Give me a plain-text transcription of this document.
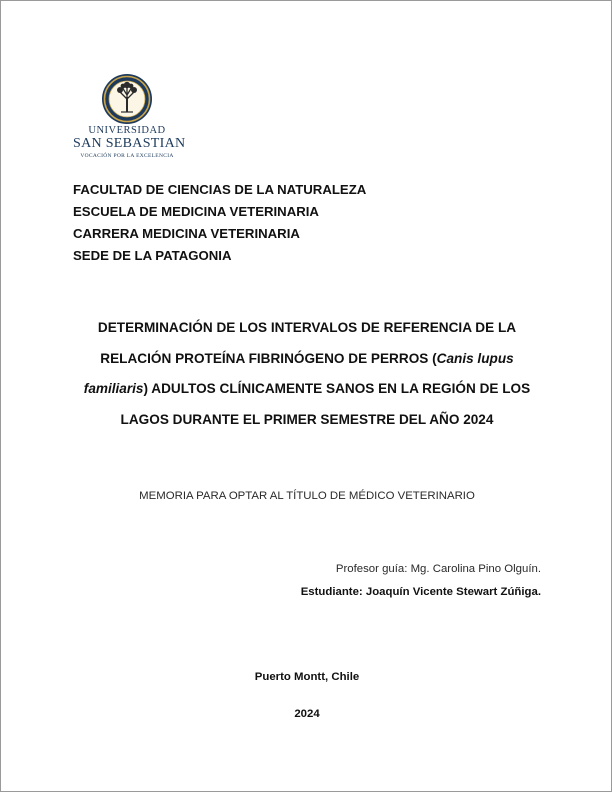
UNIVERSIDAD
SAN SEBASTIAN
VOCACIÓN POR LA EXCELENCIA
FACULTAD DE CIENCIAS DE LA NATURALEZA
ESCUELA DE MEDICINA VETERINARIA
CARRERA MEDICINA VETERINARIA
SEDE DE LA PATAGONIA
DETERMINACIÓN DE LOS INTERVALOS DE REFERENCIA DE LA
RELACIÓN PROTEÍNA FIBRINÓGENO DE PERROS (Canis lupus
familiaris) ADULTOS CLÍNICAMENTE SANOS EN LA REGIÓN DE LOS
LAGOS DURANTE EL PRIMER SEMESTRE DEL AÑO 2024
MEMORIA PARA OPTAR AL TÍTULO DE MÉDICO VETERINARIO
Profesor guía: Mg. Carolina Pino Olguín.
Estudiante: Joaquín Vicente Stewart Zúñiga.
Puerto Montt, Chile
2024
